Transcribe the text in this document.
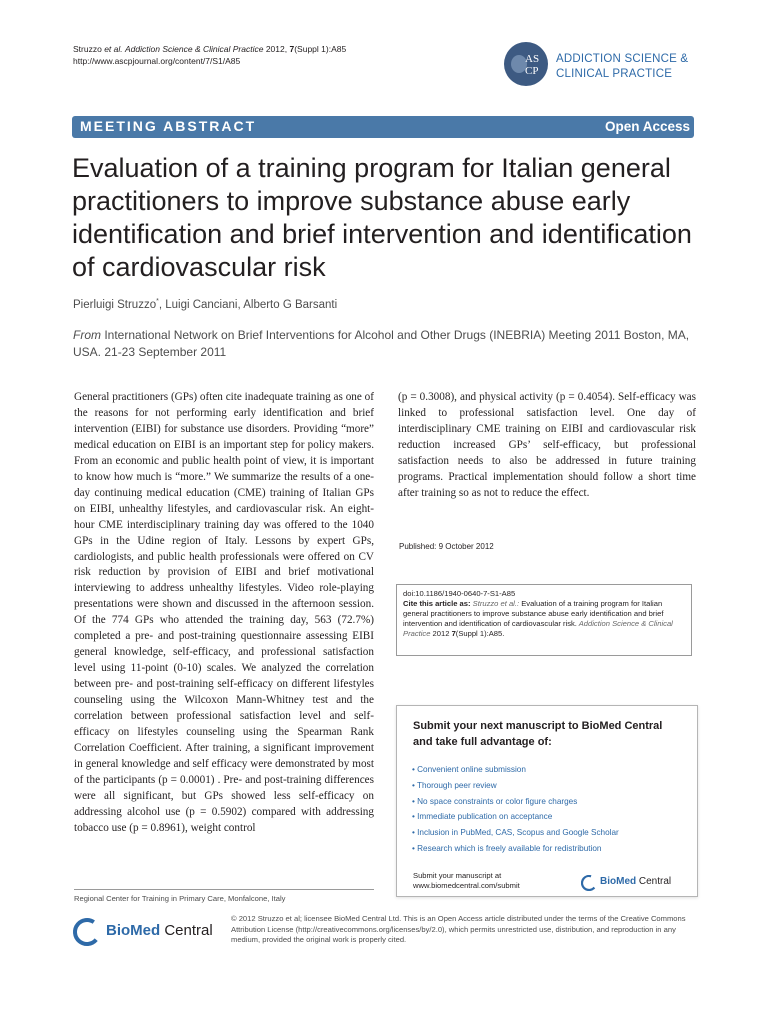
Struzzo et al. Addiction Science & Clinical Practice 2012, 7(Suppl 1):A85
http://www.ascpjournal.org/content/7/S1/A85	AS
CP
ADDICTION SCIENCE &
CLINICAL PRACTICE
MEETING ABSTRACT	Open Access
Evaluation of a training program for Italian general practitioners to improve substance abuse early identification and brief intervention and identification of cardiovascular risk
Pierluigi Struzzo*, Luigi Canciani, Alberto G Barsanti
From International Network on Brief Interventions for Alcohol and Other Drugs (INEBRIA) Meeting 2011 Boston, MA, USA. 21-23 September 2011
General practitioners (GPs) often cite inadequate training as one of the reasons for not performing early identification and brief intervention (EIBI) for substance use disorders. Providing “more” medical education on EIBI is an important step for policy makers. From an economic and public health point of view, it is important to know how much is “more.” We summarize the results of a one-day continuing medical education (CME) training of Italian GPs on EIBI, unhealthy lifestyles, and cardiovascular risk. An eight-hour CME interdisciplinary training day was offered to the 1040 GPs in the Udine region of Italy. Lessons by expert GPs, cardiologists, and public health professionals were offered on CV risk reduction by provision of EIBI and brief motivational interviewing to address unhealthy lifestyles. Video role-playing presentations were shown and discussed in the afternoon session. Of the 774 GPs who attended the training day, 563 (72.7%) completed a pre- and post-training questionnaire assessing EIBI general knowledge, self-efficacy, and professional satisfaction level using 11-point (0-10) scales. We analyzed the correlation between pre- and post-training self-efficacy on different lifestyles counseling using the Wilcoxon Mann-Whitney test and the correlation between professional satisfaction level and self-efficacy on lifestyles counseling using the Spearman Rank Correlation Coefficient. After training, a significant improvement in general knowledge and self efficacy were demonstrated by most of the participants (p = 0.0001) . Pre- and post-training differences were all significant, but GPs showed less self-efficacy on addressing alcohol use (p = 0.5902) compared with addressing tobacco use (p = 0.8961), weight control
(p = 0.3008), and physical activity (p = 0.4054). Self-efficacy was linked to professional satisfaction level. One day of interdisciplinary CME training on EIBI and cardiovascular risk reduction increased GPs’ self-efficacy, but professional satisfaction needs to also be addressed in future training programs. Practical implementation should follow a short time after training so as not to reduce the effect.
Published: 9 October 2012
doi:10.1186/1940-0640-7-S1-A85
Cite this article as: Struzzo et al.: Evaluation of a training program for Italian general practitioners to improve substance abuse early identification and brief intervention and identification of cardiovascular risk. Addiction Science & Clinical Practice 2012 7(Suppl 1):A85.
Submit your next manuscript to BioMed Central and take full advantage of:
• Convenient online submission
• Thorough peer review
• No space constraints or color figure charges
• Immediate publication on acceptance
• Inclusion in PubMed, CAS, Scopus and Google Scholar
• Research which is freely available for redistribution
Submit your manuscript at
www.biomedcentral.com/submit	BioMed Central
Regional Center for Training in Primary Care, Monfalcone, Italy
BioMed Central
© 2012 Struzzo et al; licensee BioMed Central Ltd. This is an Open Access article distributed under the terms of the Creative Commons Attribution License (http://creativecommons.org/licenses/by/2.0), which permits unrestricted use, distribution, and reproduction in any medium, provided the original work is properly cited.
